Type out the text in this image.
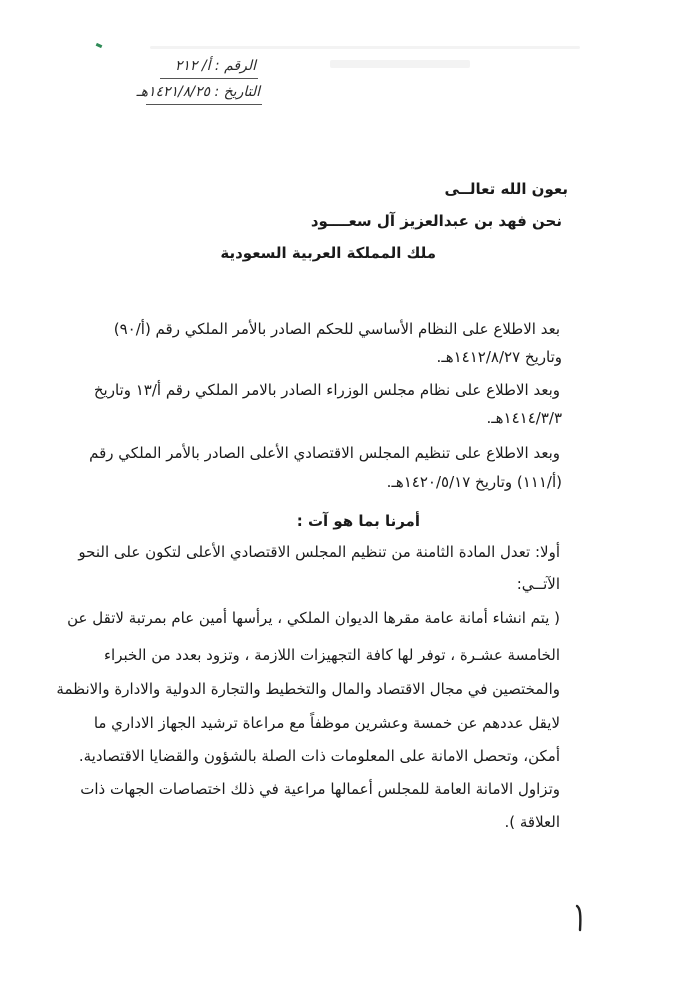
الرقم : أ/ ٢١٢
التاريخ : ١٤٢١/٨/٢٥هـ
بعون الله تعالــى
نحن فهد بن عبدالعزيز آل سعــــود
ملك المملكة العربية السعودية
بعد الاطلاع على النظام الأساسي للحكم الصادر بالأمر الملكي رقم (أ/٩٠)
وتاريخ ١٤١٢/٨/٢٧هـ.
وبعد الاطلاع على نظام مجلس الوزراء الصادر بالامر الملكي رقم أ/١٣ وتاريخ
١٤١٤/٣/٣هـ.
وبعد الاطلاع على تنظيم المجلس الاقتصادي الأعلى الصادر بالأمر الملكي رقم
(أ/١١١) وتاريخ ١٤٢٠/٥/١٧هـ.
أمرنا بما هو آت :
أولا: تعدل المادة الثامنة من تنظيم المجلس الاقتصادي الأعلى لتكون على النحو
الآتــي:
( يتم انشاء أمانة عامة مقرها الديوان الملكي ، يرأسها أمين عام بمرتبة لاتقل عن
الخامسة عشـرة ، توفر لها كافة التجهيزات اللازمة ، وتزود بعدد من الخبراء
والمختصين في مجال الاقتصاد والمال والتخطيط والتجارة الدولية والادارة والانظمة
لايقل عددهم عن خمسة وعشرين موظفاً مع مراعاة ترشيد الجهاز الاداري ما
أمكن، وتحصل الامانة على المعلومات ذات الصلة بالشؤون والقضايا الاقتصادية.
وتزاول الامانة العامة للمجلس أعمالها مراعية في ذلك اختصاصات الجهات ذات
العلاقة ).
